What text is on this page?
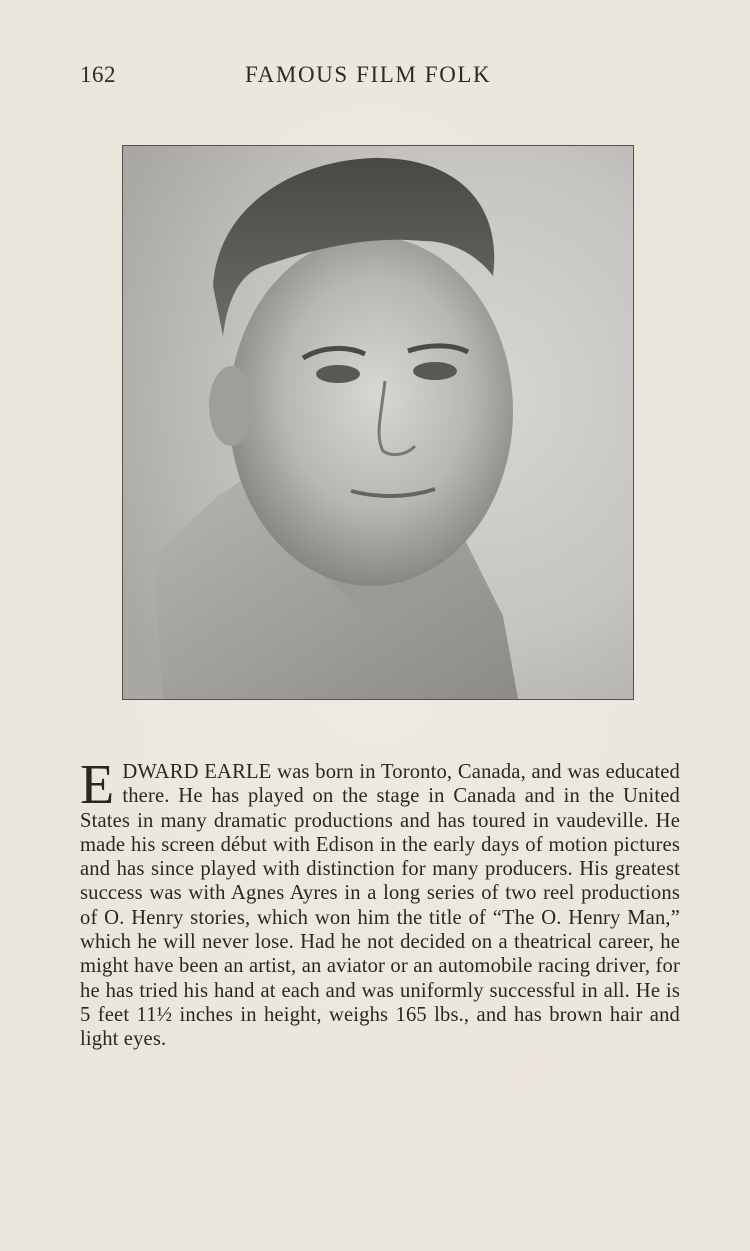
162	FAMOUS FILM FOLK
E DWARD EARLE was born in Toronto, Canada, and was educated there. He has played on the stage in Canada and in the United States in many dramatic productions and has toured in vaudeville. He made his screen début with Edison in the early days of motion pictures and has since played with distinction for many producers. His greatest success was with Agnes Ayres in a long series of two reel productions of O. Henry stories, which won him the title of “The O. Henry Man,” which he will never lose. Had he not decided on a theatrical career, he might have been an artist, an aviator or an automobile racing driver, for he has tried his hand at each and was uniformly successful in all. He is 5 feet 11½ inches in height, weighs 165 lbs., and has brown hair and light eyes.
